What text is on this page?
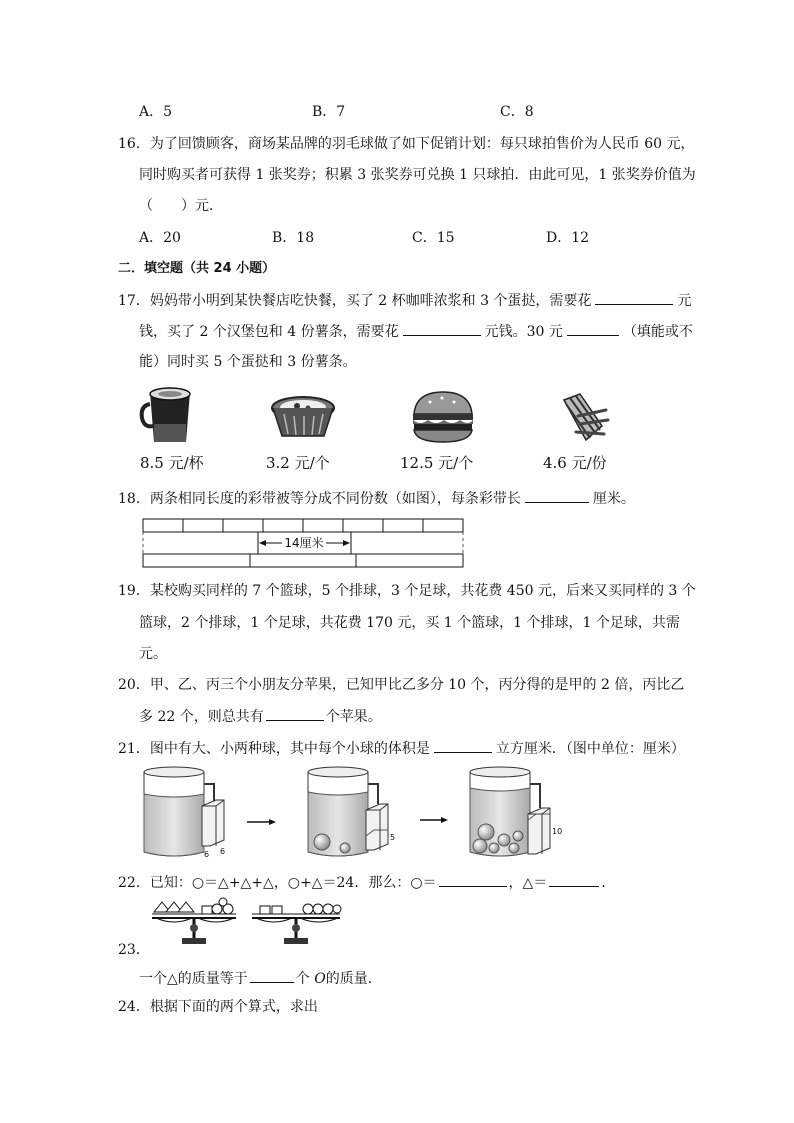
A．5	B．7	C．8
16．为了回馈顾客，商场某品牌的羽毛球做了如下促销计划：每只球拍售价为人民币 60 元，
同时购买者可获得 1 张奖券；积累 3 张奖券可兑换 1 只球拍．由此可见，1 张奖券价值为
（　　）元．
A．20	B．18	C．15	D．12
二．填空题（共 24 小题）
17．妈妈带小明到某快餐店吃快餐，买了 2 杯咖啡浓浆和 3 个蛋挞，需要花	元
钱，买了 2 个汉堡包和 4 份薯条，需要花	元钱。30 元	（填能或不
能）同时买 5 个蛋挞和 3 份薯条。
8.5 元/杯	3.2 元/个	12.5 元/个	4.6 元/份
18．两条相同长度的彩带被等分成不同份数（如图），每条彩带长	厘米。
14厘米
19．某校购买同样的 7 个篮球，5 个排球，3 个足球，共花费 450 元，后来又买同样的 3 个
篮球，2 个排球，1 个足球，共花费 170 元，买 1 个篮球，1 个排球，1 个足球，共需
元。
20．甲、乙、丙三个小朋友分苹果，已知甲比乙多分 10 个，丙分得的是甲的 2 倍，丙比乙
多 22 个，则总共有	个苹果。
21．图中有大、小两种球，其中每个小球的体积是	立方厘米．（图中单位：厘米）
6 6
5
10
22．已知：○＝△+△+△，○+△＝24．那么：○＝	，△＝	．
23．
一个△的质量等于	个 O的质量．
24．根据下面的两个算式，求出
